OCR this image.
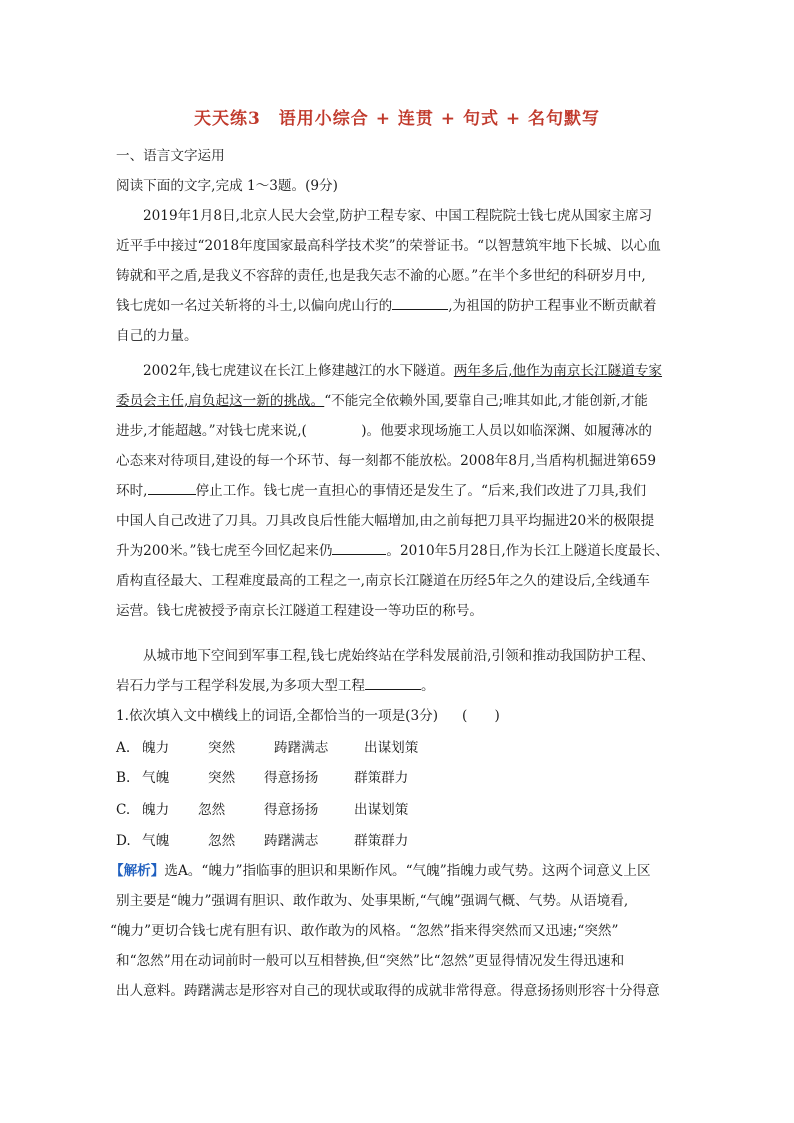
天天练3　语用小综合 + 连贯 + 句式 + 名句默写
一、语言文字运用
阅读下面的文字,完成 1～3题。(9分)
2019年1月8日,北京人民大会堂,防护工程专家、中国工程院院士钱七虎从国家主席习
近平手中接过“2018年度国家最高科学技术奖”的荣誉证书。“以智慧筑牢地下长城、以心血
铸就和平之盾,是我义不容辞的责任,也是我矢志不渝的心愿。”在半个多世纪的科研岁月中,
钱七虎如一名过关斩将的斗士,以偏向虎山行的	,为祖国的防护工程事业不断贡献着
自己的力量。
2002年,钱七虎建议在长江上修建越江的水下隧道。两年多后,他作为南京长江隧道专家
委员会主任,肩负起这一新的挑战。“不能完全依赖外国,要靠自己;唯其如此,才能创新,才能
进步,才能超越。”对钱七虎来说,(　　　　)。他要求现场施工人员以如临深渊、如履薄冰的
心态来对待项目,建设的每一个环节、每一刻都不能放松。2008年8月,当盾构机掘进第659
环时,	停止工作。钱七虎一直担心的事情还是发生了。“后来,我们改进了刀具,我们
中国人自己改进了刀具。刀具改良后性能大幅增加,由之前每把刀具平均掘进20米的极限提
升为200米。”钱七虎至今回忆起来仍	。2010年5月28日,作为长江上隧道长度最长、
盾构直径最大、工程难度最高的工程之一,南京长江隧道在历经5年之久的建设后,全线通车
运营。钱七虎被授予南京长江隧道工程建设一等功臣的称号。
从城市地下空间到军事工程,钱七虎始终站在学科发展前沿,引领和推动我国防护工程、
岩石力学与工程学科发展,为多项大型工程	。
1.依次填入文中横线上的词语,全都恰当的一项是(3分) (　　)
A. 魄力	突然	踌躇满志	出谋划策
B. 气魄	突然 得意扬扬	群策群力
C. 魄力 忽然	得意扬扬	出谋划策
D. 气魄	忽然 踌躇满志	群策群力
【解析】选A。“魄力”指临事的胆识和果断作风。“气魄”指魄力或气势。这两个词意义上区
别主要是“魄力”强调有胆识、敢作敢为、处事果断,“气魄”强调气概、气势。从语境看,
“魄力”更切合钱七虎有胆有识、敢作敢为的风格。“忽然”指来得突然而又迅速;“突然”
和“忽然”用在动词前时一般可以互相替换,但“突然”比“忽然”更显得情况发生得迅速和
出人意料。踌躇满志是形容对自己的现状或取得的成就非常得意。得意扬扬则形容十分得意
